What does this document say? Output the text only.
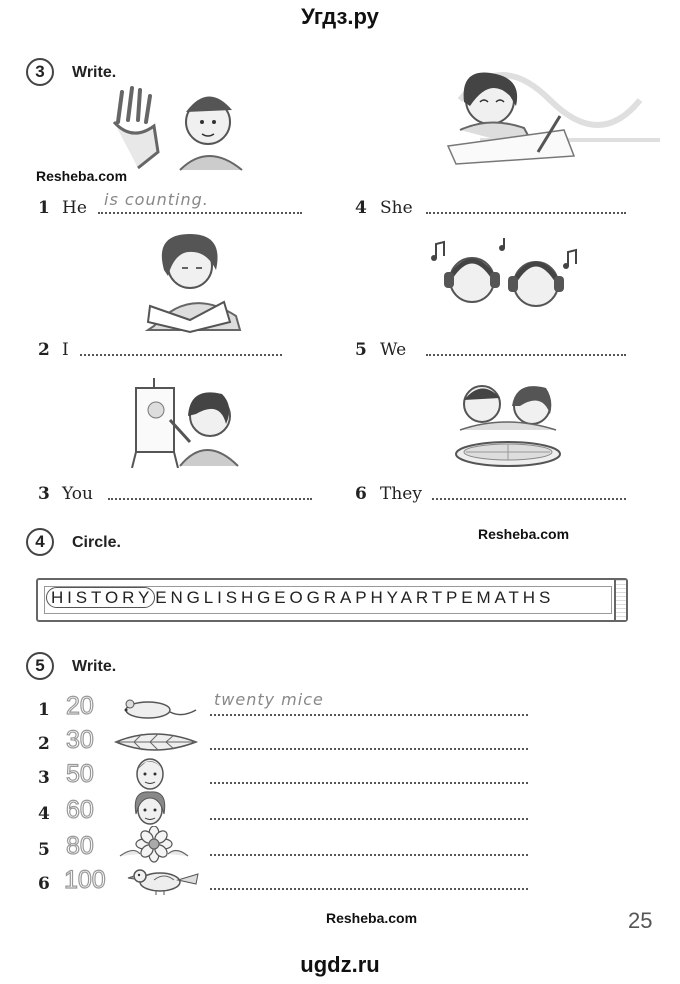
Угдз.ру
3	Write.
Resheba.com
1 He is counting.	4 She
2 I	5 We
3 You	6 They
4	Circle.	Resheba.com
HISTORY ENGLISHGEOGRAPHYARTPEMATHS
5	Write.
1 20	twenty mice
2 30
3 50
4 60
5 80
6 100
Resheba.com	25
ugdz.ru
